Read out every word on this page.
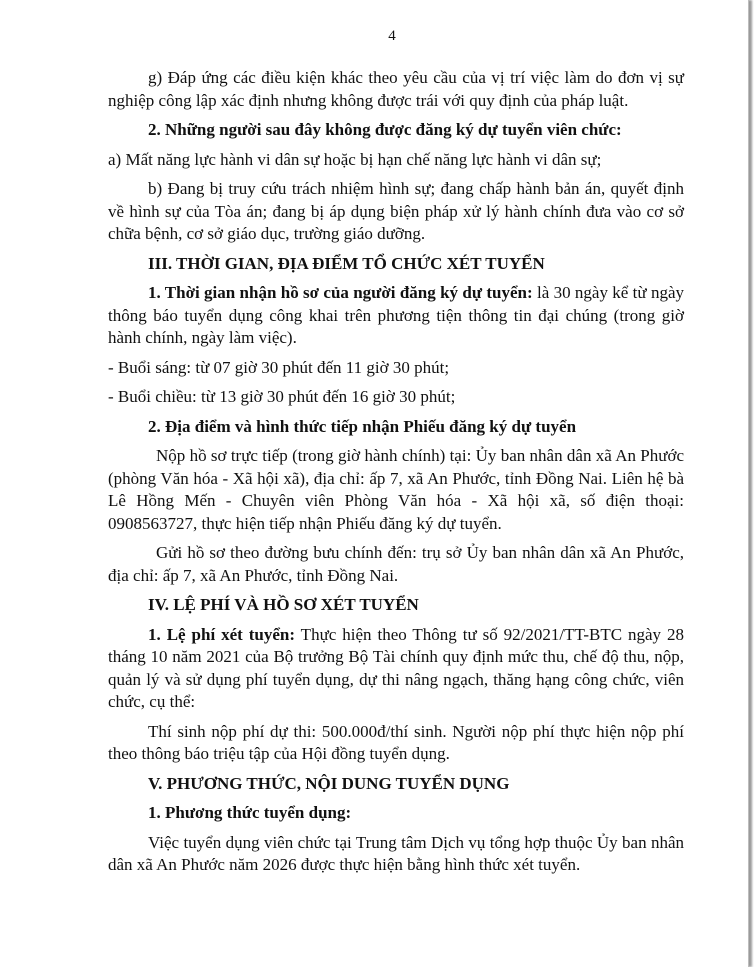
4

g) Đáp ứng các điều kiện khác theo yêu cầu của vị trí việc làm do đơn vị sự nghiệp công lập xác định nhưng không được trái với quy định của pháp luật.

2. Những người sau đây không được đăng ký dự tuyển viên chức:

a) Mất năng lực hành vi dân sự hoặc bị hạn chế năng lực hành vi dân sự;

b) Đang bị truy cứu trách nhiệm hình sự; đang chấp hành bản án, quyết định về hình sự của Tòa án; đang bị áp dụng biện pháp xử lý hành chính đưa vào cơ sở chữa bệnh, cơ sở giáo dục, trường giáo dưỡng.

III. THỜI GIAN, ĐỊA ĐIỂM TỔ CHỨC XÉT TUYỂN

1. Thời gian nhận hồ sơ của người đăng ký dự tuyển: là 30 ngày kể từ ngày thông báo tuyển dụng công khai trên phương tiện thông tin đại chúng (trong giờ hành chính, ngày làm việc).

- Buổi sáng: từ 07 giờ 30 phút đến 11 giờ 30 phút;

- Buổi chiều: từ 13 giờ 30 phút đến 16 giờ 30 phút;

2. Địa điểm và hình thức tiếp nhận Phiếu đăng ký dự tuyển

Nộp hồ sơ trực tiếp (trong giờ hành chính) tại: Ủy ban nhân dân xã An Phước (phòng Văn hóa - Xã hội xã), địa chỉ: ấp 7, xã An Phước, tỉnh Đồng Nai. Liên hệ bà Lê Hồng Mến - Chuyên viên Phòng Văn hóa - Xã hội xã, số điện thoại: 0908563727, thực hiện tiếp nhận Phiếu đăng ký dự tuyển.

Gửi hồ sơ theo đường bưu chính đến: trụ sở Ủy ban nhân dân xã An Phước, địa chỉ: ấp 7, xã An Phước, tỉnh Đồng Nai.

IV. LỆ PHÍ VÀ HỒ SƠ XÉT TUYỂN

1. Lệ phí xét tuyển: Thực hiện theo Thông tư số 92/2021/TT-BTC ngày 28 tháng 10 năm 2021 của Bộ trưởng Bộ Tài chính quy định mức thu, chế độ thu, nộp, quản lý và sử dụng phí tuyển dụng, dự thi nâng ngạch, thăng hạng công chức, viên chức, cụ thể:

Thí sinh nộp phí dự thi: 500.000đ/thí sinh. Người nộp phí thực hiện nộp phí theo thông báo triệu tập của Hội đồng tuyển dụng.

V. PHƯƠNG THỨC, NỘI DUNG TUYỂN DỤNG

1. Phương thức tuyển dụng:

Việc tuyển dụng viên chức tại Trung tâm Dịch vụ tổng hợp thuộc Ủy ban nhân dân xã An Phước năm 2026 được thực hiện bằng hình thức xét tuyển.
